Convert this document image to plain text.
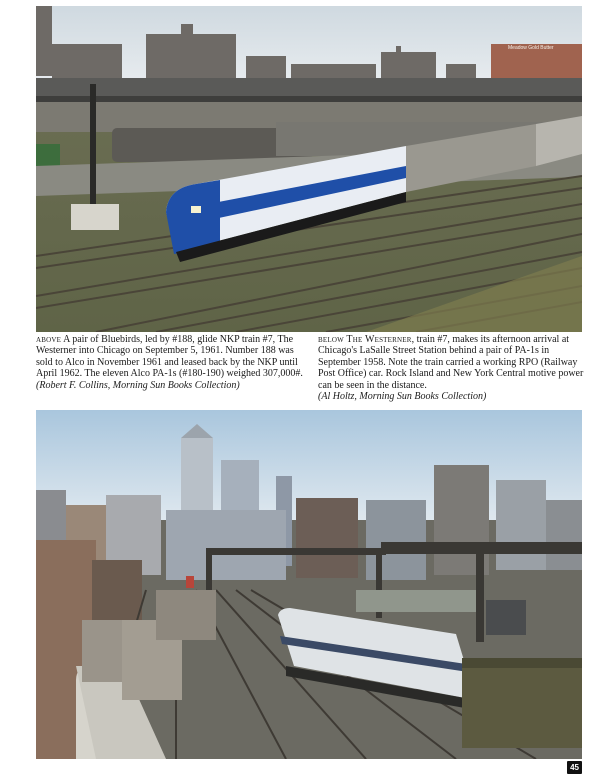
Meadow Gold Butter
above A pair of Bluebirds, led by #188, glide NKP train #7, The Westerner into Chicago on September 5, 1961. Number 188 was sold to Alco in November 1961 and leased back by the NKP until April 1962. The eleven Alco PA-1s (#180-190) weighed 307,000#.
(Robert F. Collins, Morning Sun Books Collection)
below The Westerner, train #7, makes its afternoon arrival at Chicago's LaSalle Street Station behind a pair of PA-1s in September 1958. Note the train carried a working RPO (Railway Post Office) car. Rock Island and New York Central motive power can be seen in the distance.
(Al Holtz, Morning Sun Books Collection)
45
